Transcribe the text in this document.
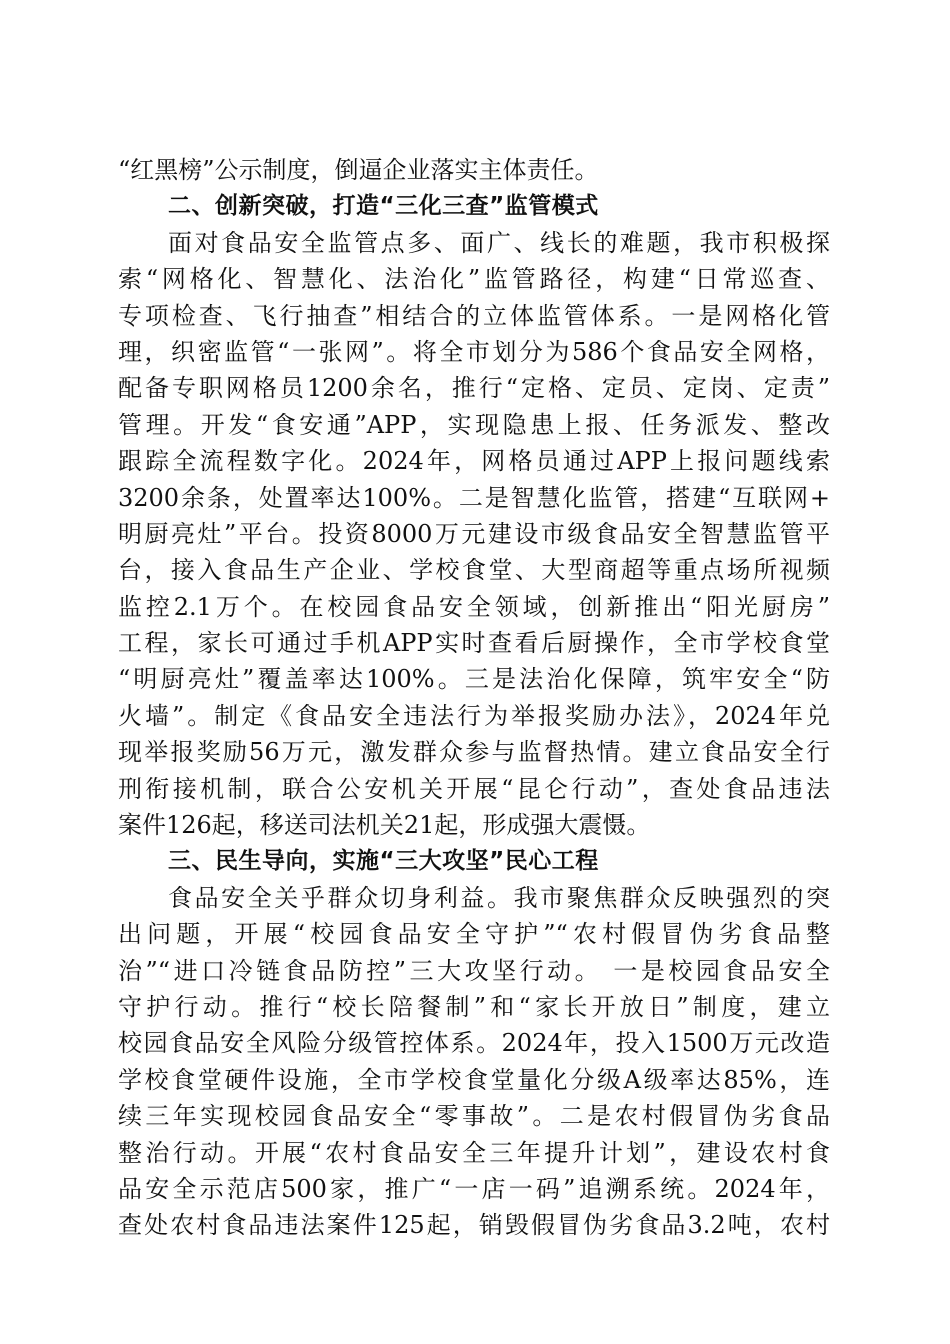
“红黑榜”公示制度，倒逼企业落实主体责任。
二、创新突破，打造“三化三查”监管模式
面对食品安全监管点多、面广、线长的难题，我市积极探
索“网格化、智慧化、法治化”监管路径，构建“日常巡查、
专项检查、飞行抽查”相结合的立体监管体系。一是网格化管
理，织密监管“一张网”。将全市划分为586个食品安全网格，
配备专职网格员1200余名，推行“定格、定员、定岗、定责”
管理。开发“食安通”APP，实现隐患上报、任务派发、整改
跟踪全流程数字化。2024年，网格员通过APP上报问题线索
3200余条，处置率达100%。二是智慧化监管，搭建“互联网+
明厨亮灶”平台。投资8000万元建设市级食品安全智慧监管平
台，接入食品生产企业、学校食堂、大型商超等重点场所视频
监控2.1万个。在校园食品安全领域，创新推出“阳光厨房”
工程，家长可通过手机APP实时查看后厨操作，全市学校食堂
“明厨亮灶”覆盖率达100%。三是法治化保障，筑牢安全“防
火墙”。制定《食品安全违法行为举报奖励办法》，2024年兑
现举报奖励56万元，激发群众参与监督热情。建立食品安全行
刑衔接机制，联合公安机关开展“昆仑行动”，查处食品违法
案件126起，移送司法机关21起，形成强大震慑。
三、民生导向，实施“三大攻坚”民心工程
食品安全关乎群众切身利益。我市聚焦群众反映强烈的突
出问题，开展“校园食品安全守护”“农村假冒伪劣食品整
治”“进口冷链食品防控”三大攻坚行动。 一是校园食品安全
守护行动。推行“校长陪餐制”和“家长开放日”制度，建立
校园食品安全风险分级管控体系。2024年，投入1500万元改造
学校食堂硬件设施，全市学校食堂量化分级A级率达85%，连
续三年实现校园食品安全“零事故”。二是农村假冒伪劣食品
整治行动。开展“农村食品安全三年提升计划”，建设农村食
品安全示范店500家，推广“一店一码”追溯系统。2024年，
查处农村食品违法案件125起，销毁假冒伪劣食品3.2吨，农村
